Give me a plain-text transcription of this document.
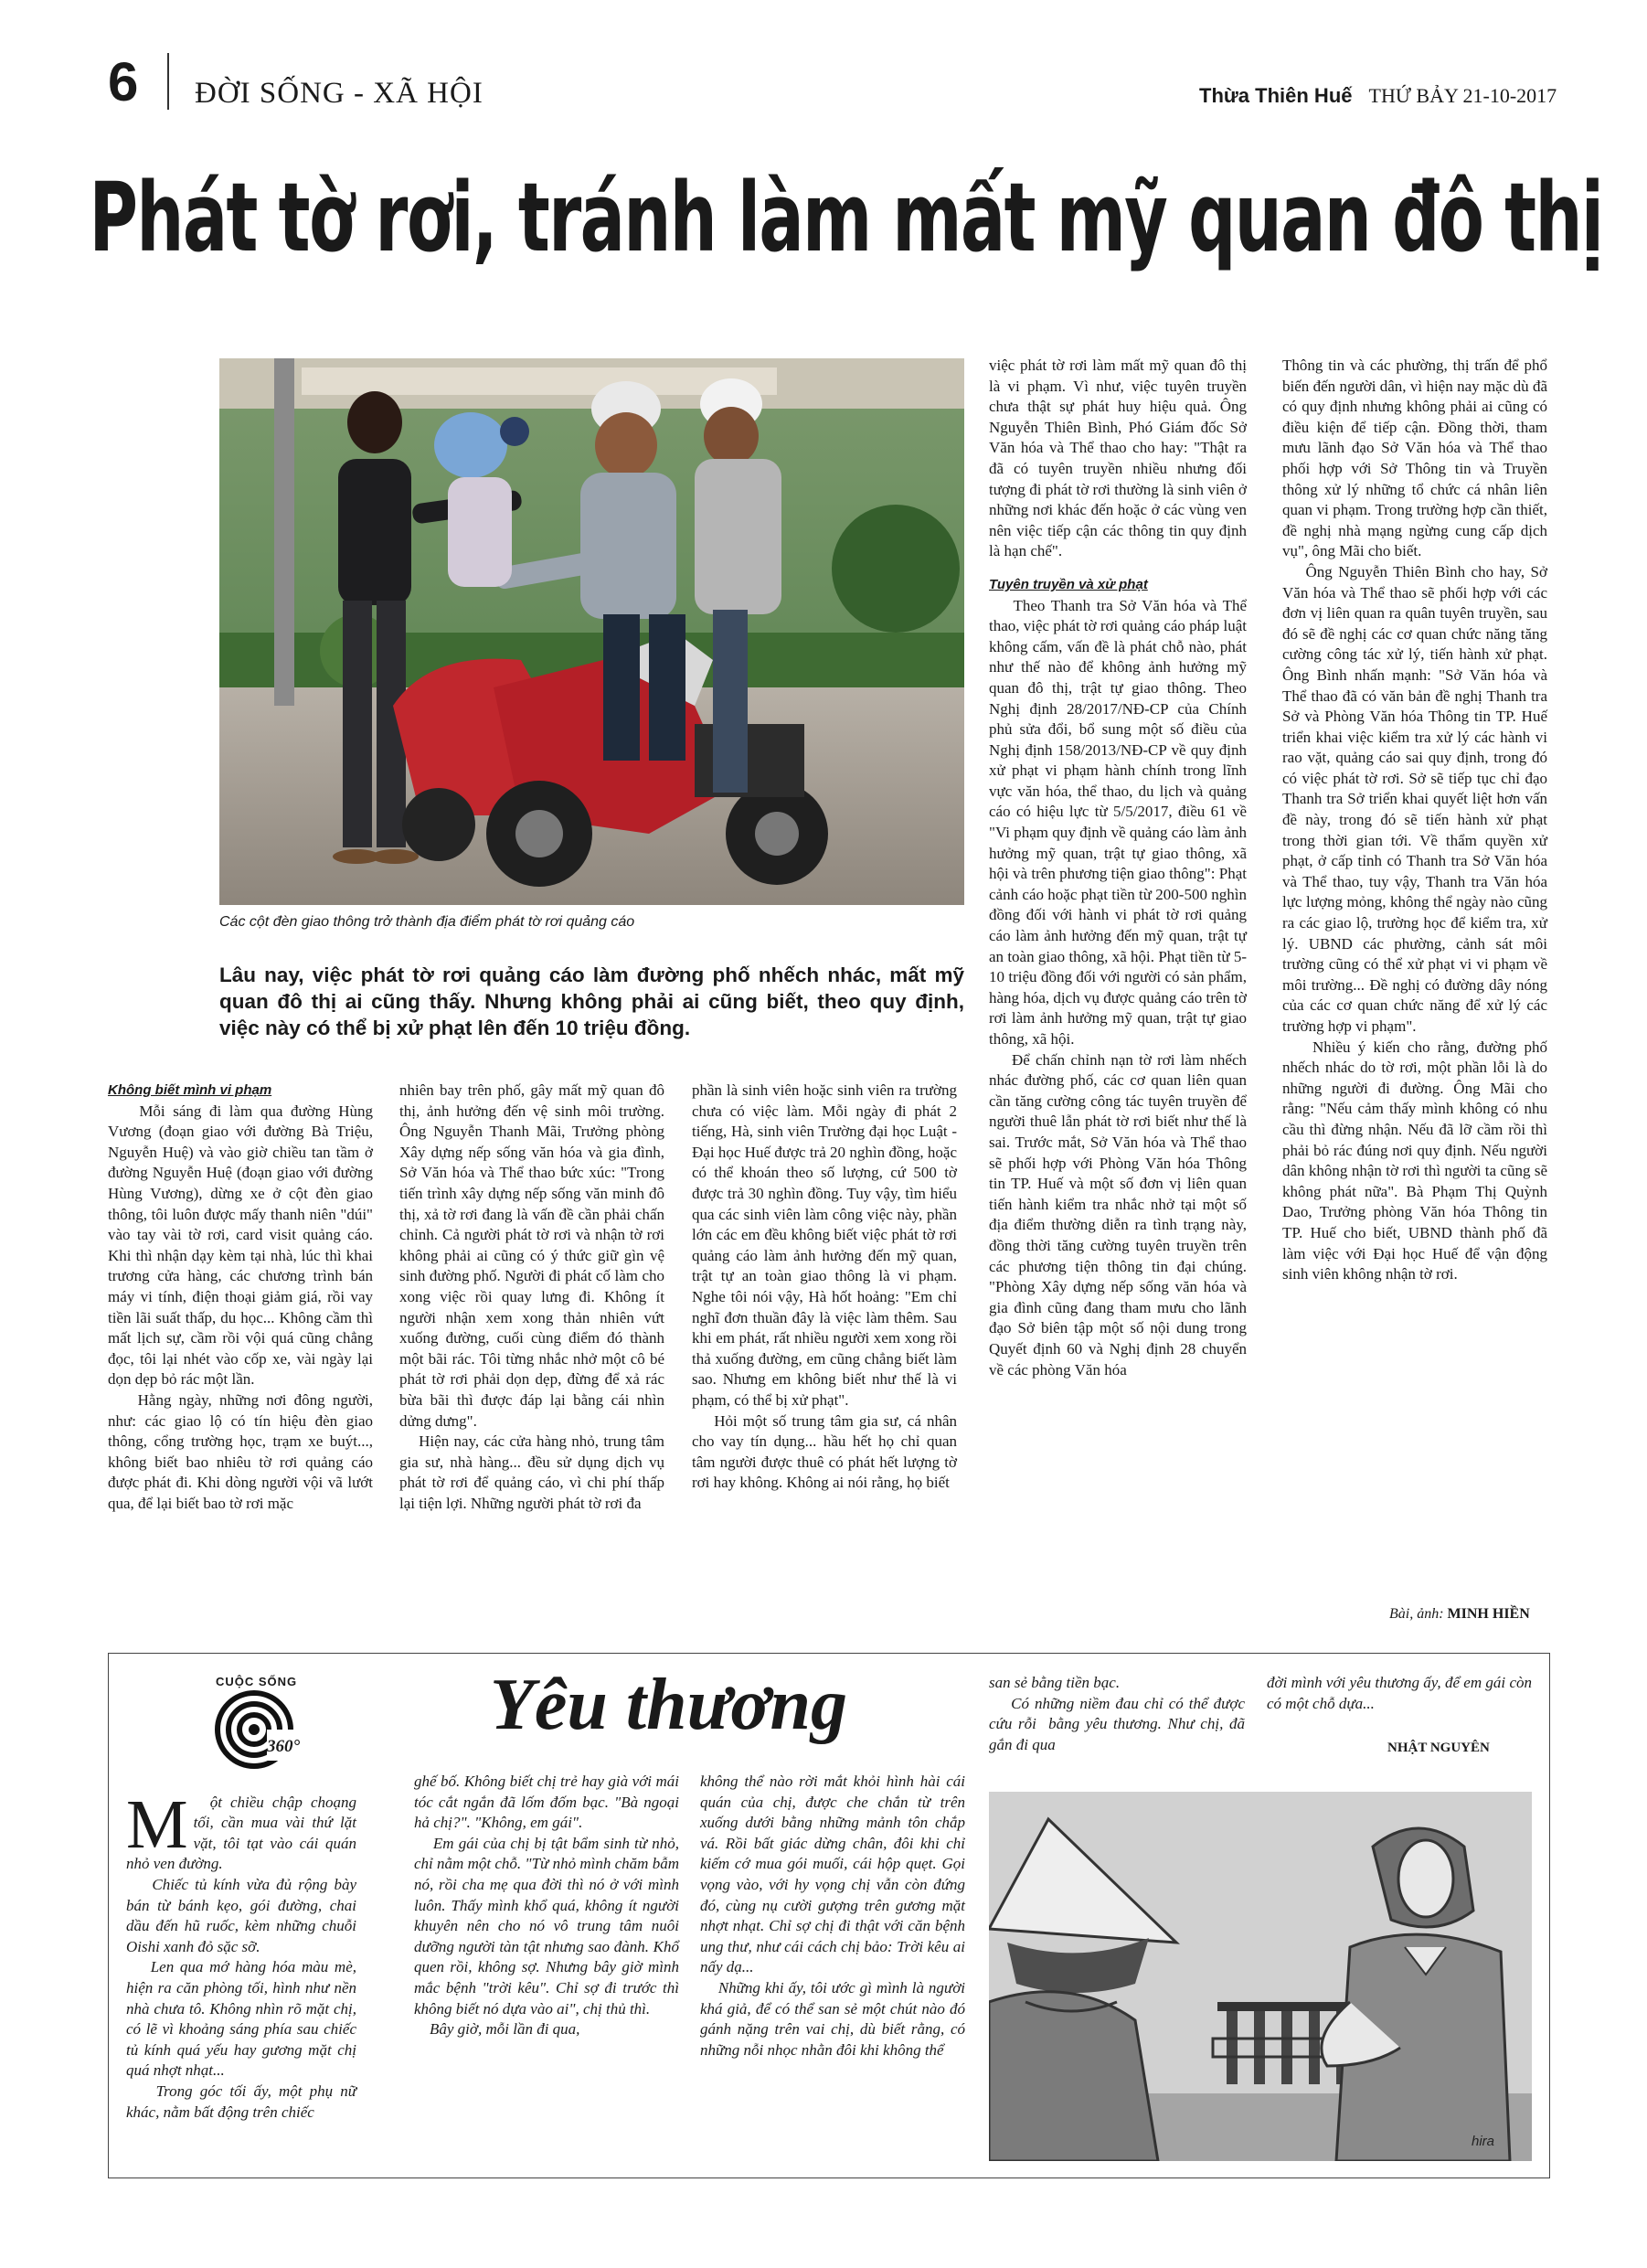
6 ĐỜI SỐNG - XÃ HỘI	Thừa Thiên Huế THỨ BẢY 21-10-2017
Phát tờ rơi, tránh làm mất mỹ quan đô thị
Các cột đèn giao thông trở thành địa điểm phát tờ rơi quảng cáo
Lâu nay, việc phát tờ rơi quảng cáo làm đường phố nhếch nhác, mất mỹ quan đô thị ai cũng thấy. Nhưng không phải ai cũng biết, theo quy định, việc này có thể bị xử phạt lên đến 10 triệu đồng.
Không biết mình vi phạm
Mỗi sáng đi làm qua đường Hùng Vương (đoạn giao với đường Bà Triệu, Nguyễn Huệ) và vào giờ chiều tan tầm ở đường Nguyễn Huệ (đoạn giao với đường Hùng Vương), dừng xe ở cột đèn giao thông, tôi luôn được mấy thanh niên "dúi" vào tay vài tờ rơi, card visit quảng cáo. Khi thì nhận dạy kèm tại nhà, lúc thì khai trương cửa hàng, các chương trình bán máy vi tính, điện thoại giảm giá, rồi vay tiền lãi suất thấp, du học... Không cầm thì mất lịch sự, cầm rồi vội quá cũng chẳng đọc, tôi lại nhét vào cốp xe, vài ngày lại dọn dẹp bỏ rác một lần.
Hằng ngày, những nơi đông người, như: các giao lộ có tín hiệu đèn giao thông, cổng trường học, trạm xe buýt..., không biết bao nhiêu tờ rơi quảng cáo được phát đi. Khi dòng người vội vã lướt qua, để lại biết bao tờ rơi mặc
nhiên bay trên phố, gây mất mỹ quan đô thị, ảnh hưởng đến vệ sinh môi trường. Ông Nguyễn Thanh Mãi, Trưởng phòng Xây dựng nếp sống văn hóa và gia đình, Sở Văn hóa và Thể thao bức xúc: "Trong tiến trình xây dựng nếp sống văn minh đô thị, xả tờ rơi đang là vấn đề cần phải chấn chỉnh. Cả người phát tờ rơi và nhận tờ rơi không phải ai cũng có ý thức giữ gìn vệ sinh đường phố. Người đi phát cố làm cho xong việc rồi quay lưng đi. Không ít người nhận xem xong thản nhiên vứt xuống đường, cuối cùng điểm đó thành một bãi rác. Tôi từng nhắc nhở một cô bé phát tờ rơi phải dọn dẹp, đừng để xả rác bừa bãi thì được đáp lại bằng cái nhìn dửng dưng".
Hiện nay, các cửa hàng nhỏ, trung tâm gia sư, nhà hàng... đều sử dụng dịch vụ phát tờ rơi để quảng cáo, vì chi phí thấp lại tiện lợi. Những người phát tờ rơi đa
phần là sinh viên hoặc sinh viên ra trường chưa có việc làm. Mỗi ngày đi phát 2 tiếng, Hà, sinh viên Trường đại học Luật - Đại học Huế được trả 20 nghìn đồng, hoặc có thể khoán theo số lượng, cứ 500 tờ được trả 30 nghìn đồng. Tuy vậy, tìm hiểu qua các sinh viên làm công việc này, phần lớn các em đều không biết việc phát tờ rơi quảng cáo làm ảnh hưởng đến mỹ quan, trật tự an toàn giao thông là vi phạm. Nghe tôi nói vậy, Hà hốt hoảng: "Em chỉ nghĩ đơn thuần đây là việc làm thêm. Sau khi em phát, rất nhiều người xem xong rồi thả xuống đường, em cũng chẳng biết làm sao. Nhưng em không biết như thế là vi phạm, có thể bị xử phạt".
Hỏi một số trung tâm gia sư, cá nhân cho vay tín dụng... hầu hết họ chỉ quan tâm người được thuê có phát hết lượng tờ rơi hay không. Không ai nói rằng, họ biết
việc phát tờ rơi làm mất mỹ quan đô thị là vi phạm. Vì như, việc tuyên truyền chưa thật sự phát huy hiệu quả. Ông Nguyễn Thiên Bình, Phó Giám đốc Sở Văn hóa và Thể thao cho hay: "Thật ra đã có tuyên truyền nhiều nhưng đối tượng đi phát tờ rơi thường là sinh viên ở những nơi khác đến hoặc ở các vùng ven nên việc tiếp cận các thông tin quy định là hạn chế".
Tuyên truyền và xử phạt
Theo Thanh tra Sở Văn hóa và Thể thao, việc phát tờ rơi quảng cáo pháp luật không cấm, vấn đề là phát chỗ nào, phát như thế nào để không ảnh hưởng mỹ quan đô thị, trật tự giao thông. Theo Nghị định 28/2017/NĐ-CP của Chính phủ sửa đổi, bổ sung một số điều của Nghị định 158/2013/NĐ-CP về quy định xử phạt vi phạm hành chính trong lĩnh vực văn hóa, thể thao, du lịch và quảng cáo có hiệu lực từ 5/5/2017, điều 61 về "Vi phạm quy định về quảng cáo làm ảnh hưởng mỹ quan, trật tự giao thông, xã hội và trên phương tiện giao thông": Phạt cảnh cáo hoặc phạt tiền từ 200-500 nghìn đồng đối với hành vi phát tờ rơi quảng cáo làm ảnh hưởng đến mỹ quan, trật tự an toàn giao thông, xã hội. Phạt tiền từ 5-10 triệu đồng đối với người có sản phẩm, hàng hóa, dịch vụ được quảng cáo trên tờ rơi làm ảnh hưởng mỹ quan, trật tự giao thông, xã hội.
Để chấn chỉnh nạn tờ rơi làm nhếch nhác đường phố, các cơ quan liên quan cần tăng cường công tác tuyên truyền để người thuê lẫn phát tờ rơi biết như thế là sai. Trước mắt, Sở Văn hóa và Thể thao sẽ phối hợp với Phòng Văn hóa Thông tin TP. Huế và một số đơn vị liên quan tiến hành kiểm tra nhắc nhở tại một số địa điểm thường diễn ra tình trạng này, đồng thời tăng cường tuyên truyền trên các phương tiện thông tin đại chúng. "Phòng Xây dựng nếp sống văn hóa và gia đình cũng đang tham mưu cho lãnh đạo Sở biên tập một số nội dung trong Quyết định 60 và Nghị định 28 chuyển về các phòng Văn hóa
Thông tin và các phường, thị trấn để phổ biến đến người dân, vì hiện nay mặc dù đã có quy định nhưng không phải ai cũng có điều kiện để tiếp cận. Đồng thời, tham mưu lãnh đạo Sở Văn hóa và Thể thao phối hợp với Sở Thông tin và Truyền thông xử lý những tổ chức cá nhân liên quan vi phạm. Trong trường hợp cần thiết, đề nghị nhà mạng ngừng cung cấp dịch vụ", ông Mãi cho biết.
Ông Nguyễn Thiên Bình cho hay, Sở Văn hóa và Thể thao sẽ phối hợp với các đơn vị liên quan ra quân tuyên truyền, sau đó sẽ đề nghị các cơ quan chức năng tăng cường công tác xử lý, tiến hành xử phạt. Ông Bình nhấn mạnh: "Sở Văn hóa và Thể thao đã có văn bản đề nghị Thanh tra Sở và Phòng Văn hóa Thông tin TP. Huế triển khai việc kiểm tra xử lý các hành vi rao vặt, quảng cáo sai quy định, trong đó có việc phát tờ rơi. Sở sẽ tiếp tục chỉ đạo Thanh tra Sở triển khai quyết liệt hơn vấn đề này, trong đó sẽ tiến hành xử phạt trong thời gian tới. Về thẩm quyền xử phạt, ở cấp tỉnh có Thanh tra Sở Văn hóa và Thể thao, tuy vậy, Thanh tra Văn hóa lực lượng mỏng, không thể ngày nào cũng ra các giao lộ, trường học để kiểm tra, xử lý. UBND các phường, cảnh sát môi trường cũng có thể xử phạt vi vi phạm về môi trường... Đề nghị có đường dây nóng của các cơ quan chức năng để xử lý các trường hợp vi phạm".
Nhiều ý kiến cho rằng, đường phố nhếch nhác do tờ rơi, một phần lỗi là do những người đi đường. Ông Mãi cho rằng: "Nếu cảm thấy mình không có nhu cầu thì đừng nhận. Nếu đã lỡ cầm rồi thì phải bỏ rác đúng nơi quy định. Nếu người dân không nhận tờ rơi thì người ta cũng sẽ không phát nữa". Bà Phạm Thị Quỳnh Dao, Trưởng phòng Văn hóa Thông tin TP. Huế cho biết, UBND thành phố đã làm việc với Đại học Huế để vận động sinh viên không nhận tờ rơi.
Bài, ảnh: MINH HIỀN
CUỘC SỐNG
360°
Yêu thương

M ột chiều chập choạng tối, cần mua vài thứ lặt vặt, tôi tạt vào cái quán nhỏ ven đường.
Chiếc tủ kính vừa đủ rộng bày bán từ bánh kẹo, gói đường, chai dầu đến hũ ruốc, kèm những chuỗi Oishi xanh đỏ sặc sỡ.
Len qua mớ hàng hóa màu mè, hiện ra căn phòng tối, hình như nền nhà chưa tô. Không nhìn rõ mặt chị, có lẽ vì khoảng sáng phía sau chiếc tủ kính quá yếu hay gương mặt chị quá nhợt nhạt...
Trong góc tối ấy, một phụ nữ khác, nằm bất động trên chiếc

ghế bố. Không biết chị trẻ hay già với mái tóc cắt ngắn đã lốm đốm bạc. "Bà ngoại hả chị?". "Không, em gái".
Em gái của chị bị tật bẩm sinh từ nhỏ, chỉ nằm một chỗ. "Từ nhỏ mình chăm bẫm nó, rồi cha mẹ qua đời thì nó ở với mình luôn. Thấy mình khổ quá, không ít người khuyên nên cho nó vô trung tâm nuôi dưỡng người tàn tật nhưng sao đành. Khổ quen rồi, không sợ. Nhưng bây giờ mình mắc bệnh "trời kêu". Chỉ sợ đi trước thì không biết nó dựa vào ai", chị thủ thì.
Bây giờ, mỗi lần đi qua,
không thể nào rời mắt khỏi hình hài cái quán của chị, được che chắn từ trên xuống dưới bằng những mảnh tôn chắp vá. Rồi bất giác dừng chân, đôi khi chỉ kiếm cớ mua gói muối, cái hộp quẹt. Gọi vọng vào, với hy vọng chị vẫn còn đứng đó, cùng nụ cười gượng trên gương mặt nhợt nhạt. Chỉ sợ chị đi thật với căn bệnh ung thư, như cái cách chị bảo: Trời kêu ai nấy dạ...
Những khi ấy, tôi ước gì mình là người khá giả, để có thể san sẻ một chút nào đó gánh nặng trên vai chị, dù biết rằng, có những nỗi nhọc nhằn đôi khi không thể
san sẻ bằng tiền bạc.
Có những niềm đau chỉ có thể được cứu rỗi  bằng yêu thương. Như chị, đã gắn đi qua
đời mình với yêu thương ấy, để em gái còn có một chỗ dựa...
NHẬT NGUYÊN
hira
